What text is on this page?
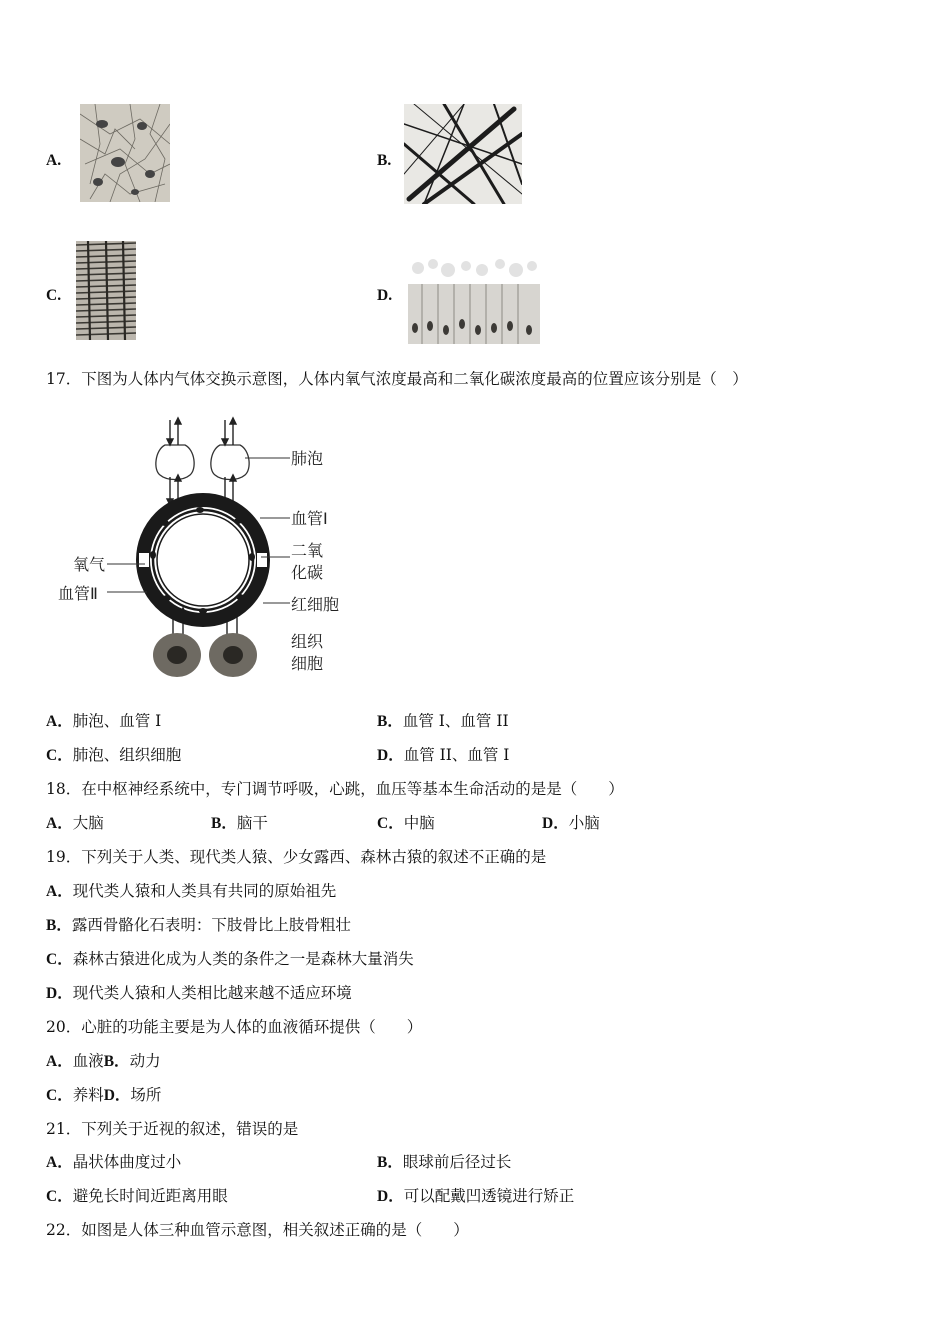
A.	B.
C.	D.
17．下图为人体内气体交换示意图，人体内氧气浓度最高和二氧化碳浓度最高的位置应该分别是（　）
肺泡
血管Ⅰ
二氧
化碳
红细胞
组织
细胞
氧气
血管Ⅱ
A．肺泡、血管 I	B．血管 I、血管 II
C．肺泡、组织细胞	D．血管 II、血管 I
18．在中枢神经系统中，专门调节呼吸，心跳，血压等基本生命活动的是是（　　）
A．大脑	B．脑干	C．中脑	D．小脑
19．下列关于人类、现代类人猿、少女露西、森林古猿的叙述不正确的是
A．现代类人猿和人类具有共同的原始祖先
B．露西骨骼化石表明：下肢骨比上肢骨粗壮
C．森林古猿进化成为人类的条件之一是森林大量消失
D．现代类人猿和人类相比越来越不适应环境
20．心脏的功能主要是为人体的血液循环提供（　　）
A．血液B．动力
C．养料D．场所
21．下列关于近视的叙述，错误的是
A．晶状体曲度过小	B．眼球前后径过长
C．避免长时间近距离用眼	D．可以配戴凹透镜进行矫正
22．如图是人体三种血管示意图，相关叙述正确的是（　　）
